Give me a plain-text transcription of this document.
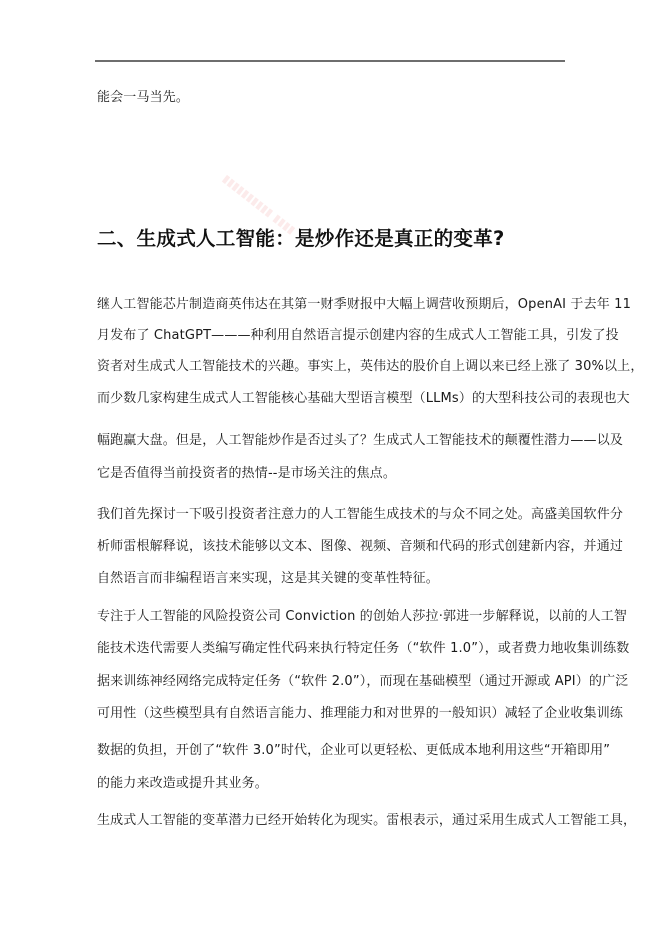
能会一马当先。
▮▮▮▮▮▮▮▮▮▮ ▮▮▮▮
二、生成式人工智能：是炒作还是真正的变革?
继人工智能芯片制造商英伟达在其第一财季财报中大幅上调营收预期后，OpenAI 于去年 11
月发布了 ChatGPT———种利用自然语言提示创建内容的生成式人工智能工具，引发了投
资者对生成式人工智能技术的兴趣。事实上，英伟达的股价自上调以来已经上涨了 30%以上，
而少数几家构建生成式人工智能核心基础大型语言模型（LLMs）的大型科技公司的表现也大
幅跑赢大盘。但是，人工智能炒作是否过头了？生成式人工智能技术的颠覆性潜力——以及
它是否值得当前投资者的热情--是市场关注的焦点。
我们首先探讨一下吸引投资者注意力的人工智能生成技术的与众不同之处。高盛美国软件分
析师雷根解释说，该技术能够以文本、图像、视频、音频和代码的形式创建新内容，并通过
自然语言而非编程语言来实现，这是其关键的变革性特征。
专注于人工智能的风险投资公司 Conviction 的创始人莎拉·郭进一步解释说，以前的人工智
能技术迭代需要人类编写确定性代码来执行特定任务（“软件 1.0”），或者费力地收集训练数
据来训练神经网络完成特定任务（“软件 2.0”），而现在基础模型（通过开源或 API）的广泛
可用性（这些模型具有自然语言能力、推理能力和对世界的一般知识）减轻了企业收集训练
数据的负担，开创了“软件 3.0”时代，企业可以更轻松、更低成本地利用这些“开箱即用”
的能力来改造或提升其业务。
生成式人工智能的变革潜力已经开始转化为现实。雷根表示，通过采用生成式人工智能工具，
